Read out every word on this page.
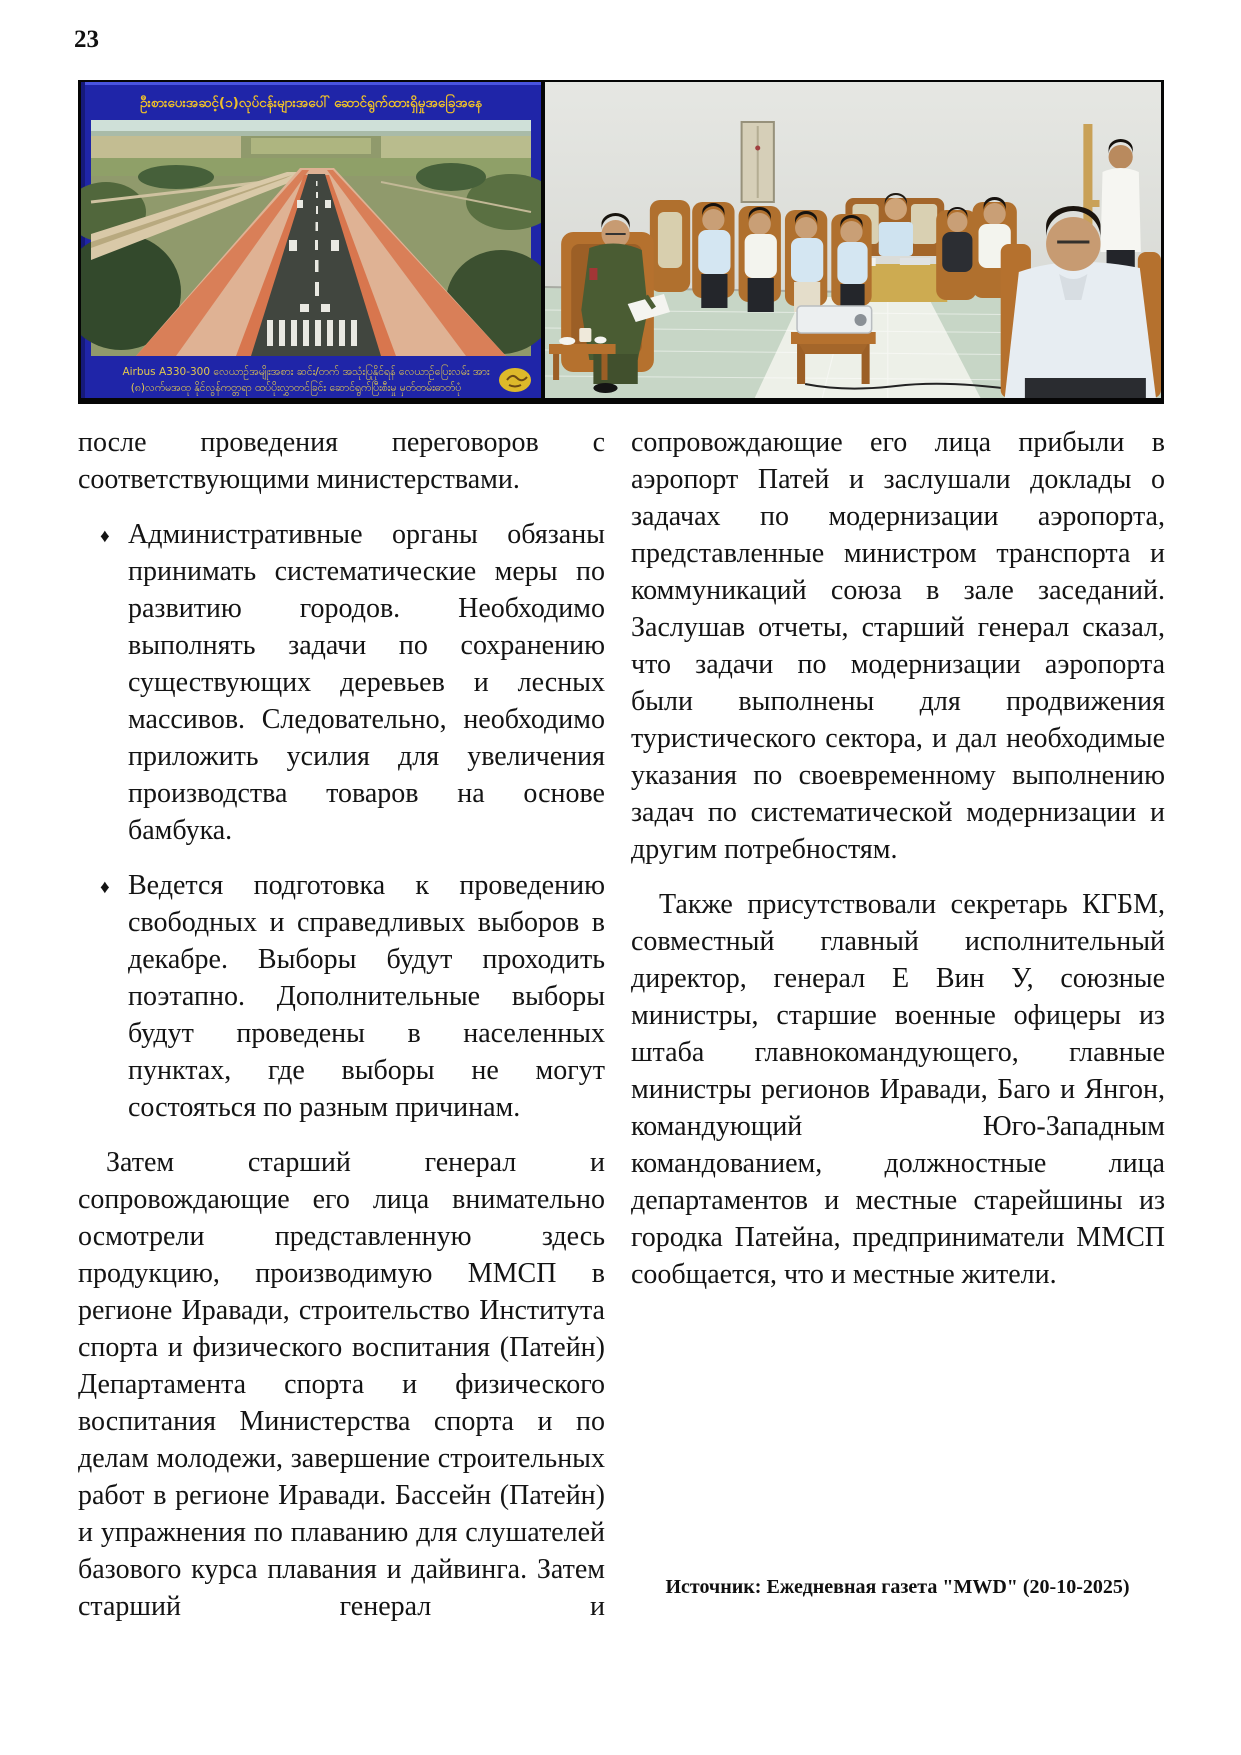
23
ဦးစားပေးအဆင့်(၁)လုပ်ငန်းများအပေါ် ဆောင်ရွက်ထားရှိမှုအခြေအနေ
Airbus A330-300 လေယာဉ်အမျိုးအစား ဆင်း/တက် အသုံးပြုနိုင်ရန် လေယာဉ်ပြေးလမ်း အား
(၈)လက်မအထု နိုင်လွန်ကတ္တရာ ထပ်ပိုးလွှာတင်ခြင်း ဆောင်ရွက်ပြီးစီးမှု မှတ်တမ်းဓာတ်ပုံ

после проведения переговоров с соответствующими министерствами.

♦ Административные органы обязаны принимать систематические меры по развитию городов. Необходимо выполнять задачи по сохранению существующих деревьев и лесных массивов. Следовательно, необходимо приложить усилия для увеличения производства товаров на основе бамбука.

♦ Ведется подготовка к проведению свободных и справедливых выборов в декабре. Выборы будут проходить поэтапно. Дополнительные выборы будут проведены в населенных пунктах, где выборы не могут состояться по разным причинам.

Затем старший генерал и сопровождающие его лица внимательно осмотрели представленную здесь продукцию, производимую ММСП в регионе Иравади, строительство Института спорта и физического воспитания (Патейн) Департамента спорта и физического воспитания Министерства спорта и по делам молодежи, завершение строительных работ в регионе Иравади. Бассейн (Патейн) и упражнения по плаванию для слушателей базового курса плавания и дайвинга. Затем старший генерал и

сопровождающие его лица прибыли в аэропорт Патей и заслушали доклады о задачах по модернизации аэропорта, представленные министром транспорта и коммуникаций союза в зале заседаний. Заслушав отчеты, старший генерал сказал, что задачи по модернизации аэропорта были выполнены для продвижения туристического сектора, и дал необходимые указания по своевременному выполнению задач по систематической модернизации и другим потребностям.

Также присутствовали секретарь КГБМ, совместный главный исполнительный директор, генерал Е Вин У, союзные министры, старшие военные офицеры из штаба главнокомандующего, главные министры регионов Иравади, Баго и Янгон, командующий Юго-Западным командованием, должностные лица департаментов и местные старейшины из городка Патейна, предприниматели ММСП сообщается, что и местные жители.

Источник: Ежедневная газета "MWD" (20-10-2025)
